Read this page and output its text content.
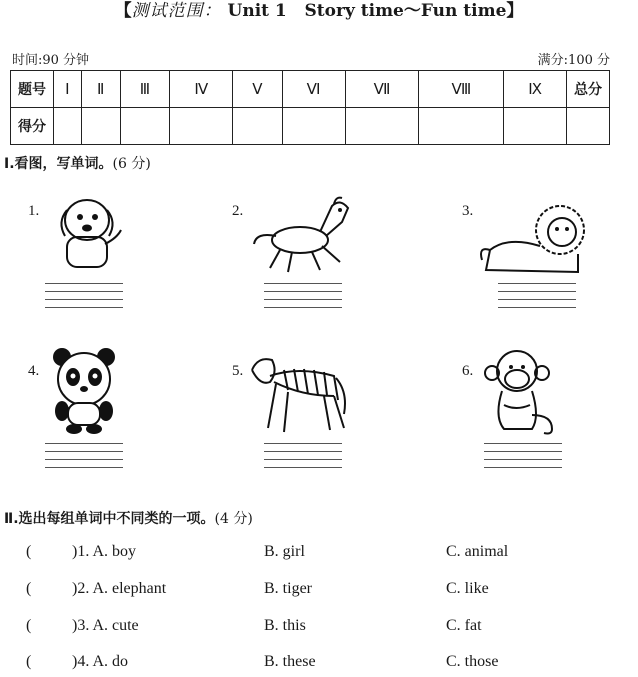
【测试范围： Unit 1 Story time～Fun time】
时间:90 分钟	满分:100 分
题号	Ⅰ	Ⅱ	Ⅲ	Ⅳ	Ⅴ	Ⅵ	Ⅶ	Ⅷ	Ⅸ	总分
得分										
Ⅰ.看图，写单词。(6 分)
1.	2.	3.
4.	5.	6.
Ⅱ.选出每组单词中不同类的一项。(4 分)
(	)1. A. boy	B. girl	C. animal
(	)2. A. elephant	B. tiger	C. like
(	)3. A. cute	B. this	C. fat
(	)4. A. do	B. these	C. those
